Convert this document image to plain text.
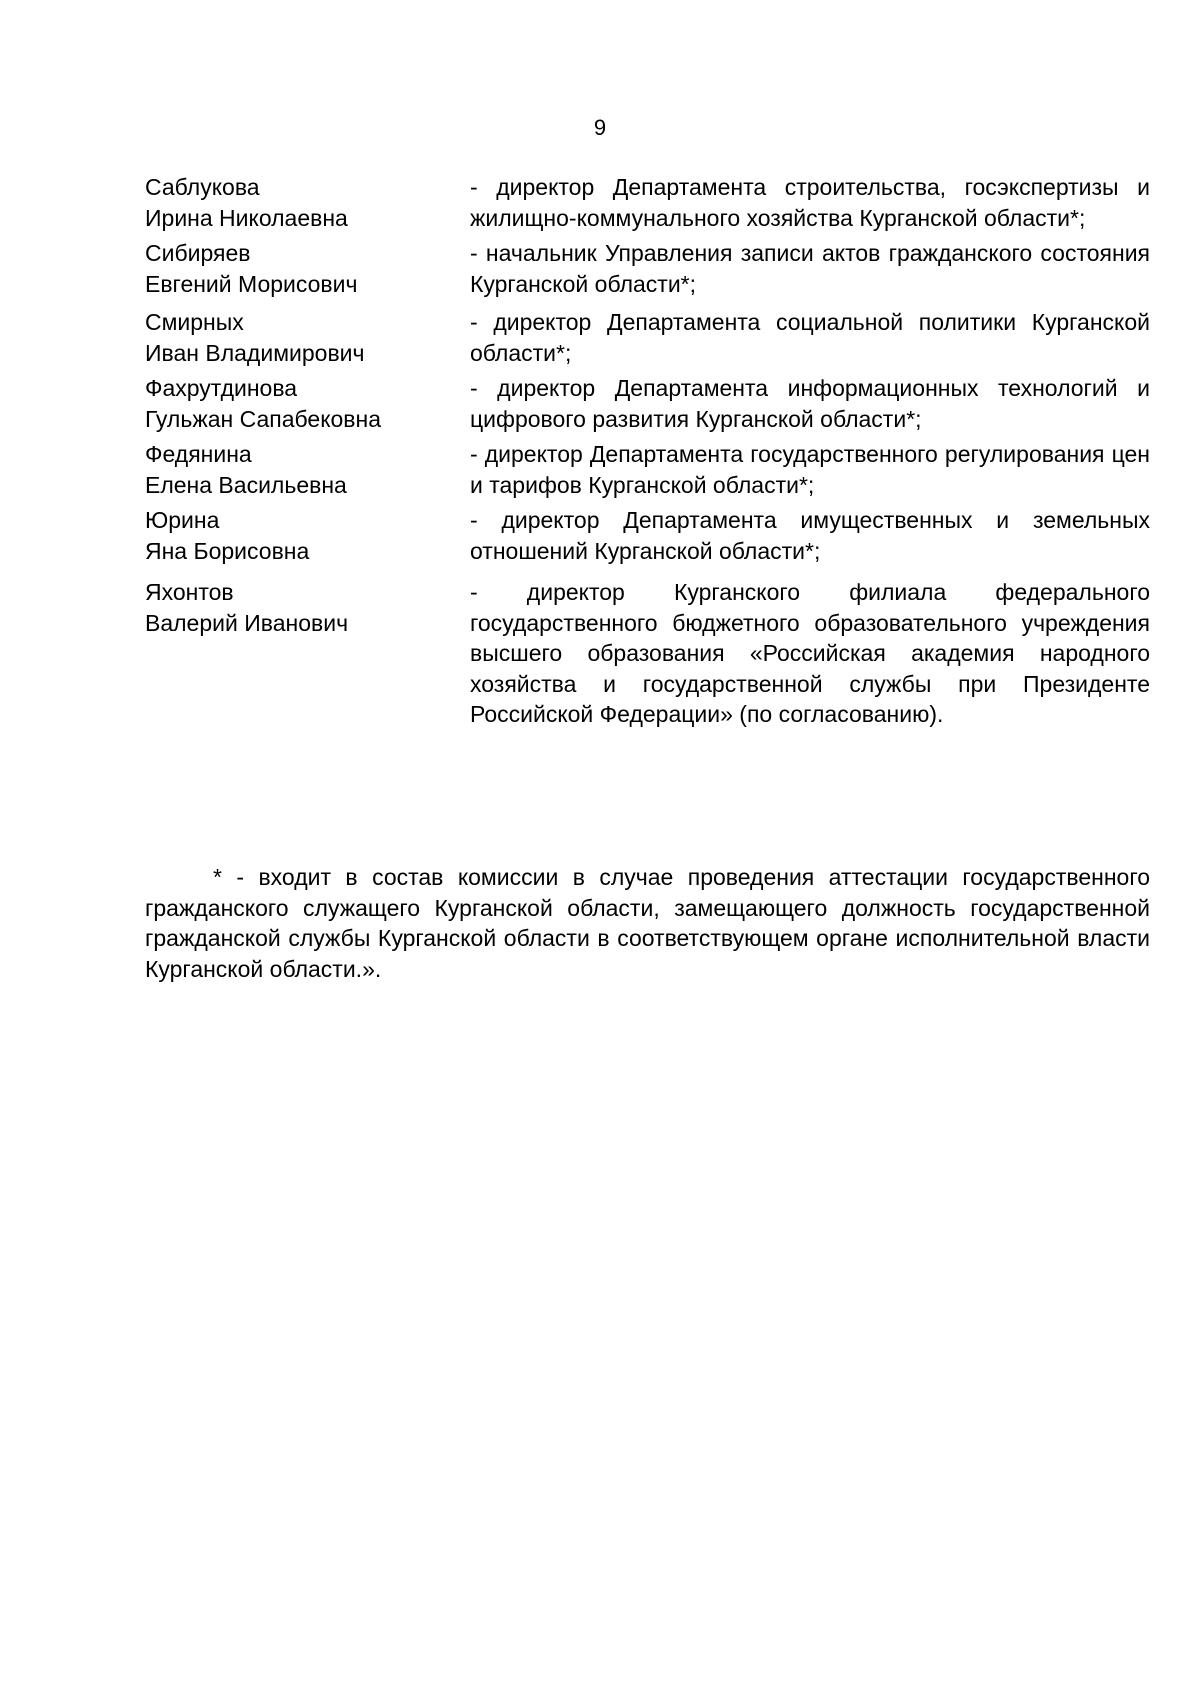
9
Саблукова
Ирина Николаевна
- директор Департамента строительства, госэкспертизы и жилищно-коммунального хозяйства Курганской области*;
Сибиряев
Евгений Морисович
- начальник Управления записи актов гражданского состояния Курганской области*;
Смирных
Иван Владимирович
- директор Департамента социальной политики Курганской области*;
Фахрутдинова
Гульжан Сапабековна
- директор Департамента информационных технологий и цифрового развития Курганской области*;
Федянина
Елена Васильевна
- директор Департамента государственного регулирования цен и тарифов Курганской области*;
Юрина
Яна Борисовна
- директор Департамента имущественных и земельных отношений Курганской области*;
Яхонтов
Валерий Иванович
- директор Курганского филиала федерального государственного бюджетного образовательного учреждения высшего образования «Российская академия народного хозяйства и государственной службы при Президенте Российской Федерации» (по согласованию).
* - входит в состав комиссии в случае проведения аттестации государственного гражданского служащего Курганской области, замещающего должность государственной гражданской службы Курганской области в соответствующем органе исполнительной власти Курганской области.».
